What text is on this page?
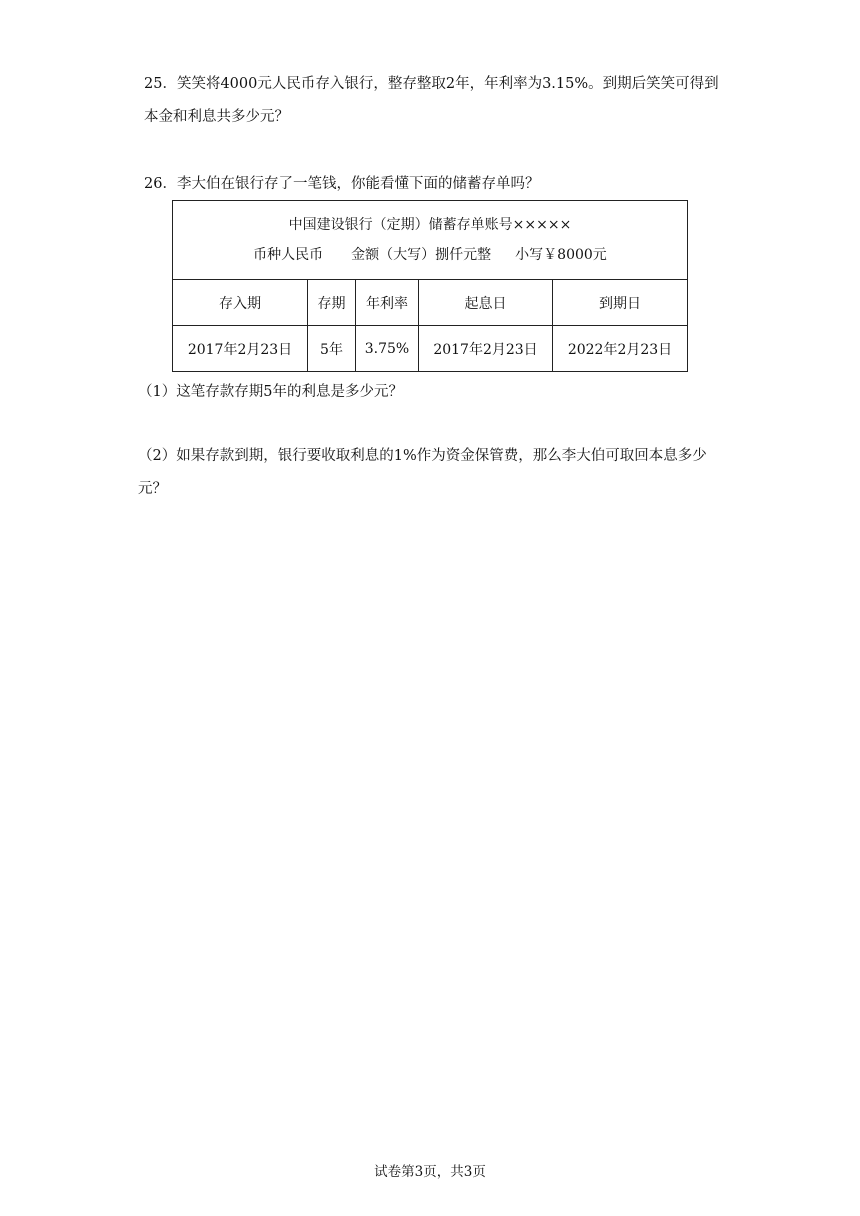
25．笑笑将4000元人民币存入银行，整存整取2年，年利率为3.15%。到期后笑笑可得到本金和利息共多少元？

26．李大伯在银行存了一笔钱，你能看懂下面的储蓄存单吗？

中国建设银行（定期）储蓄存单账号×××××
币种人民币 金额（大写）捌仟元整 小写￥8000元				

存入期	存期	年利率	起息日	到期日
2017年2月23日	5年	3.75%	2017年2月23日	2022年2月23日

（1）这笔存款存期5年的利息是多少元？

（2）如果存款到期，银行要收取利息的1%作为资金保管费，那么李大伯可取回本息多少元？

试卷第3页，共3页
